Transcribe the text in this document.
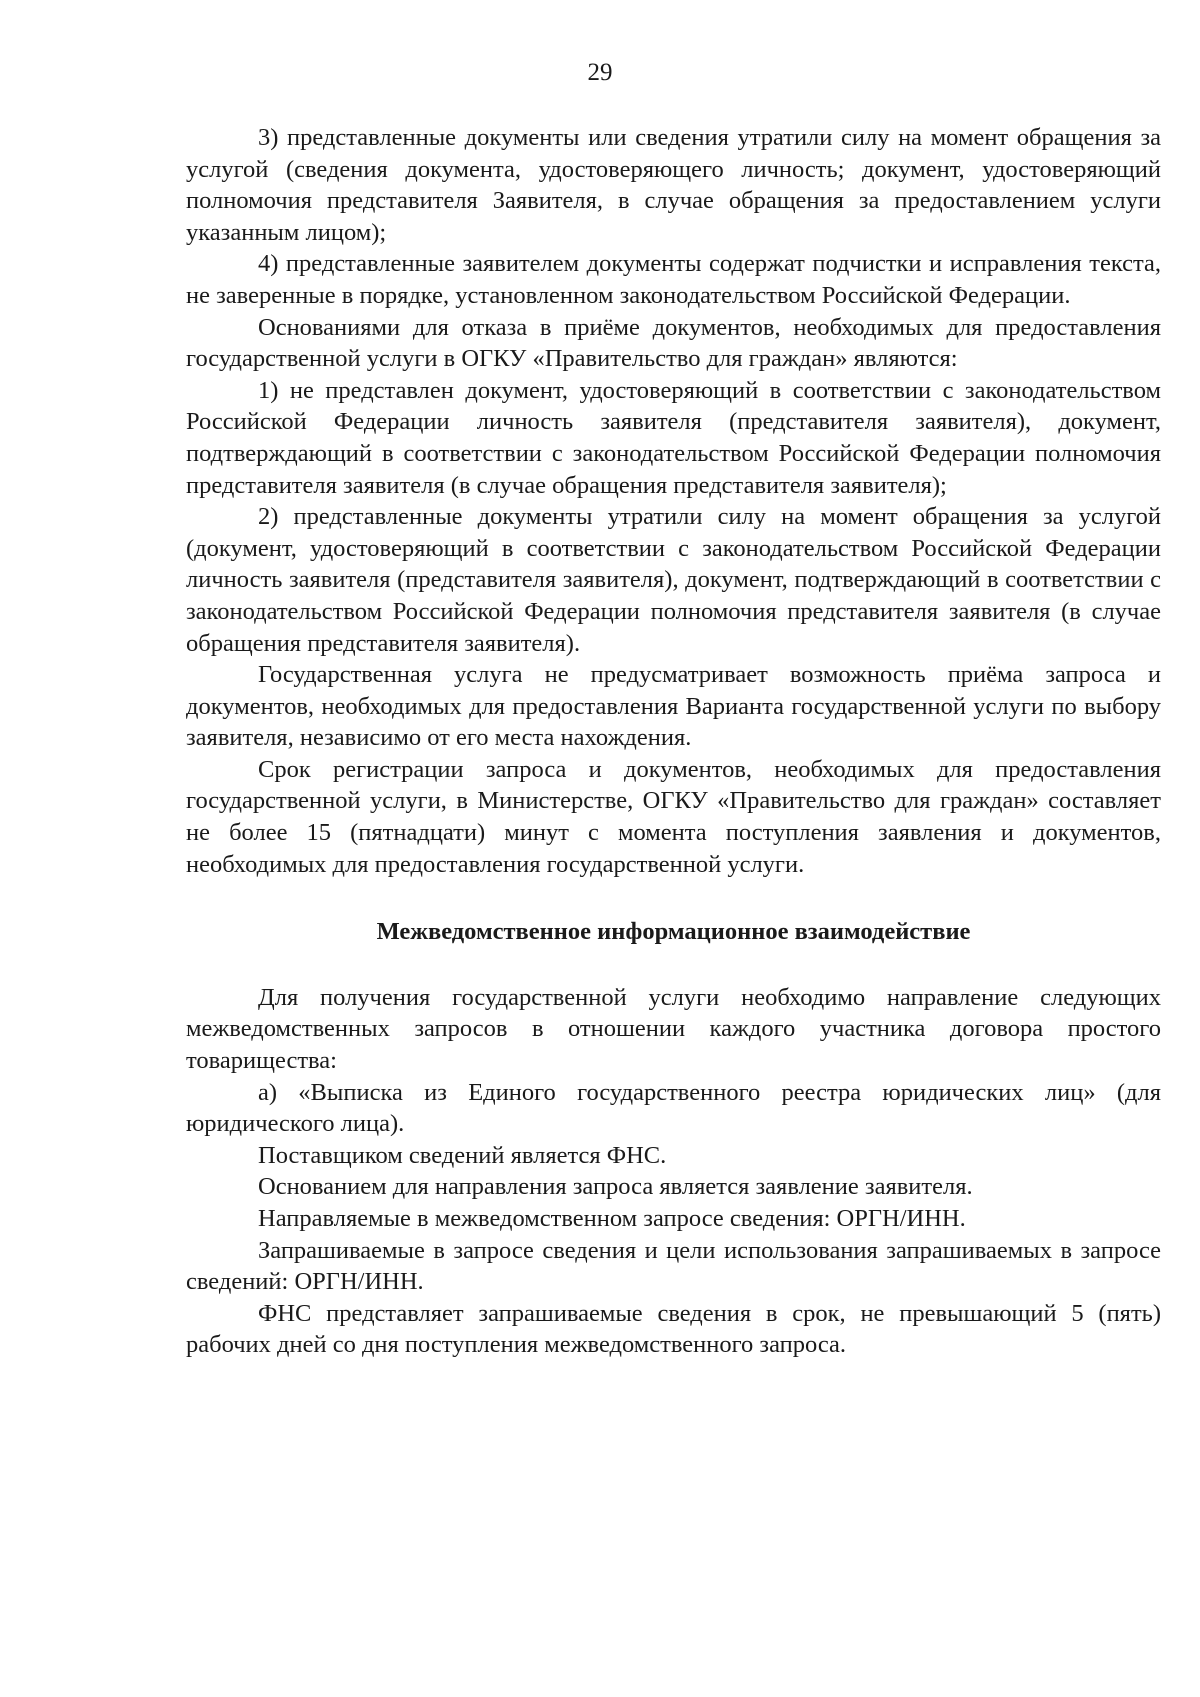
29

3) представленные документы или сведения утратили силу на момент обращения за услугой (сведения документа, удостоверяющего личность; документ, удостоверяющий полномочия представителя Заявителя, в случае обращения за предоставлением услуги указанным лицом);

4) представленные заявителем документы содержат подчистки и исправления текста, не заверенные в порядке, установленном законодательством Российской Федерации.

Основаниями для отказа в приёме документов, необходимых для предоставления государственной услуги в ОГКУ «Правительство для граждан» являются:

1) не представлен документ, удостоверяющий в соответствии с законодательством Российской Федерации личность заявителя (представителя заявителя), документ, подтверждающий в соответствии с законодательством Российской Федерации полномочия представителя заявителя (в случае обращения представителя заявителя);

2) представленные документы утратили силу на момент обращения за услугой (документ, удостоверяющий в соответствии с законодательством Российской Федерации личность заявителя (представителя заявителя), документ, подтверждающий в соответствии с законодательством Российской Федерации полномочия представителя заявителя (в случае обращения представителя заявителя).

Государственная услуга не предусматривает возможность приёма запроса и документов, необходимых для предоставления Варианта государственной услуги по выбору заявителя, независимо от его места нахождения.

Срок регистрации запроса и документов, необходимых для предоставления государственной услуги, в Министерстве, ОГКУ «Правительство для граждан» составляет не более 15 (пятнадцати) минут с момента поступления заявления и документов, необходимых для предоставления государственной услуги.

Межведомственное информационное взаимодействие

Для получения государственной услуги необходимо направление следующих межведомственных запросов в отношении каждого участника договора простого товарищества:

а) «Выписка из Единого государственного реестра юридических лиц» (для юридического лица).

Поставщиком сведений является ФНС.

Основанием для направления запроса является заявление заявителя.

Направляемые в межведомственном запросе сведения: ОРГН/ИНН.

Запрашиваемые в запросе сведения и цели использования запрашиваемых в запросе сведений: ОРГН/ИНН.

ФНС представляет запрашиваемые сведения в срок, не превышающий 5 (пять) рабочих дней со дня поступления межведомственного запроса.
